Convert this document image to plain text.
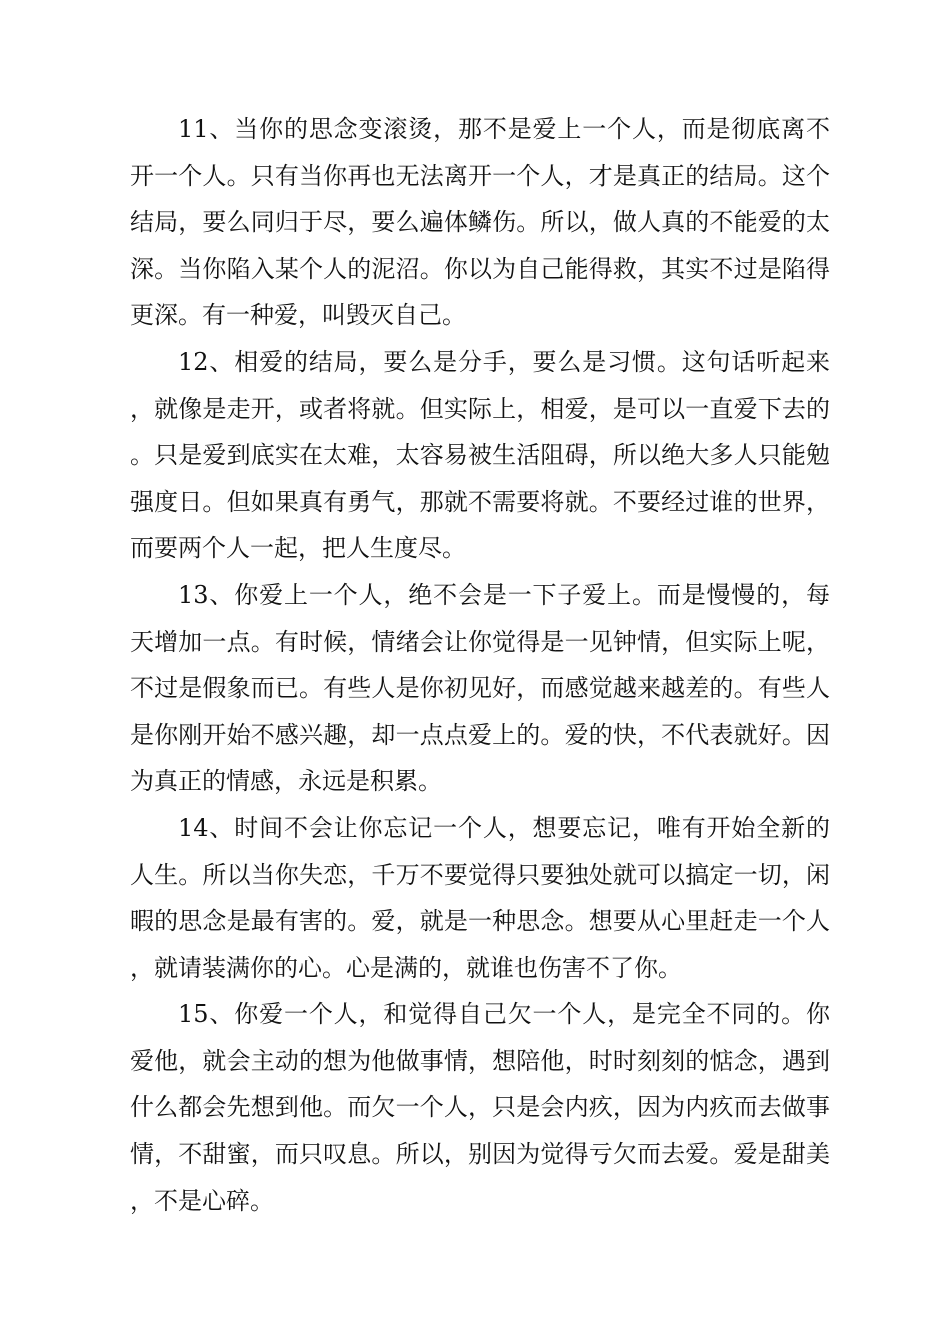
11、当你的思念变滚烫，那不是爱上一个人，而是彻底离不开一个人。只有当你再也无法离开一个人，才是真正的结局。这个结局，要么同归于尽，要么遍体鳞伤。所以，做人真的不能爱的太深。当你陷入某个人的泥沼。你以为自己能得救，其实不过是陷得更深。有一种爱，叫毁灭自己。

12、相爱的结局，要么是分手，要么是习惯。这句话听起来，就像是走开，或者将就。但实际上，相爱，是可以一直爱下去的。只是爱到底实在太难，太容易被生活阻碍，所以绝大多人只能勉强度日。但如果真有勇气，那就不需要将就。不要经过谁的世界，而要两个人一起，把人生度尽。

13、你爱上一个人，绝不会是一下子爱上。而是慢慢的，每天增加一点。有时候，情绪会让你觉得是一见钟情，但实际上呢，不过是假象而已。有些人是你初见好，而感觉越来越差的。有些人是你刚开始不感兴趣，却一点点爱上的。爱的快，不代表就好。因为真正的情感，永远是积累。

14、时间不会让你忘记一个人，想要忘记，唯有开始全新的人生。所以当你失恋，千万不要觉得只要独处就可以搞定一切，闲暇的思念是最有害的。爱，就是一种思念。想要从心里赶走一个人，就请装满你的心。心是满的，就谁也伤害不了你。

15、你爱一个人，和觉得自己欠一个人，是完全不同的。你爱他，就会主动的想为他做事情，想陪他，时时刻刻的惦念，遇到什么都会先想到他。而欠一个人，只是会内疚，因为内疚而去做事情，不甜蜜，而只叹息。所以，别因为觉得亏欠而去爱。爱是甜美，不是心碎。
